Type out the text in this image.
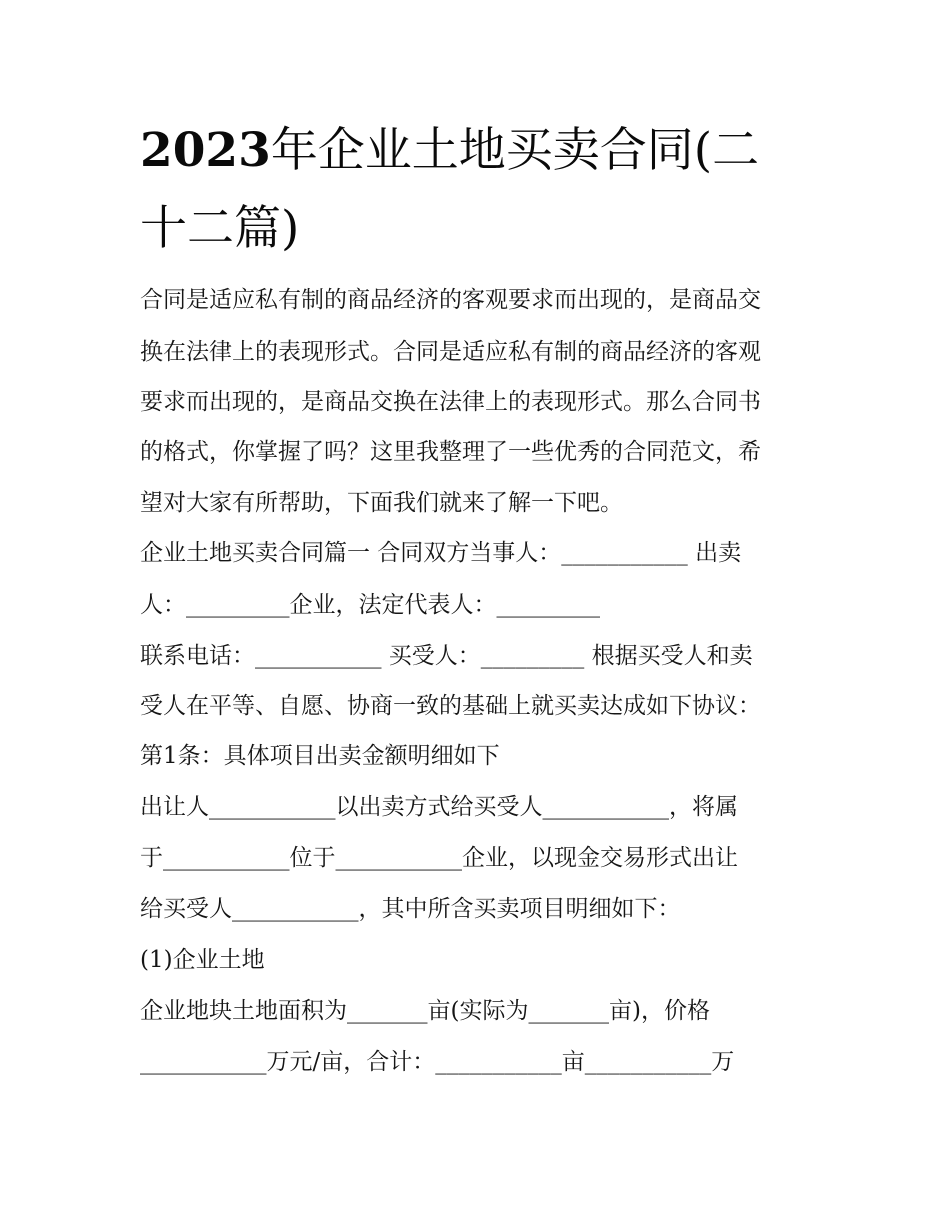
2023年企业土地买卖合同(二
十二篇)
合同是适应私有制的商品经济的客观要求而出现的，是商品交
换在法律上的表现形式。合同是适应私有制的商品经济的客观
要求而出现的，是商品交换在法律上的表现形式。那么合同书
的格式，你掌握了吗？这里我整理了一些优秀的合同范文，希
望对大家有所帮助，下面我们就来了解一下吧。
企业土地买卖合同篇一 合同双方当事人：___________ 出卖
人：_________企业，法定代表人：_________
联系电话：___________ 买受人：_________ 根据买受人和卖
受人在平等、自愿、协商一致的基础上就买卖达成如下协议：
第1条：具体项目出卖金额明细如下
出让人___________以出卖方式给买受人___________，将属
于___________位于___________企业，以现金交易形式出让
给买受人___________，其中所含买卖项目明细如下：
(1)企业土地
企业地块土地面积为_______亩(实际为_______亩)，价格
___________万元/亩，合计：___________亩___________万
